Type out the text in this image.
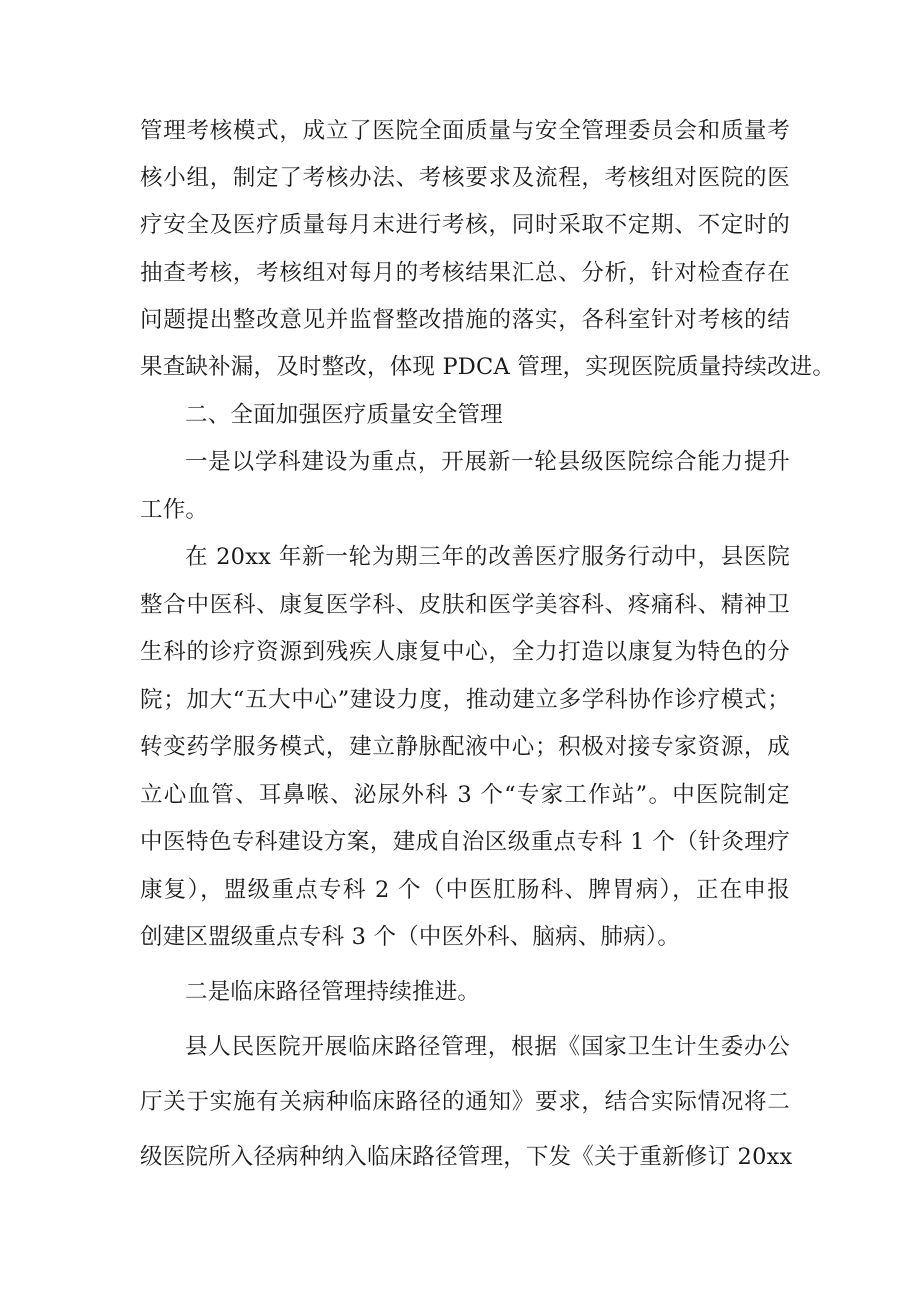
管理考核模式，成立了医院全面质量与安全管理委员会和质量考
核小组，制定了考核办法、考核要求及流程，考核组对医院的医
疗安全及医疗质量每月末进行考核，同时采取不定期、不定时的
抽查考核，考核组对每月的考核结果汇总、分析，针对检查存在
问题提出整改意见并监督整改措施的落实，各科室针对考核的结
果查缺补漏，及时整改，体现 PDCA 管理，实现医院质量持续改进。
二、全面加强医疗质量安全管理
一是以学科建设为重点，开展新一轮县级医院综合能力提升
工作。
在 20xx 年新一轮为期三年的改善医疗服务行动中，县医院
整合中医科、康复医学科、皮肤和医学美容科、疼痛科、精神卫
生科的诊疗资源到残疾人康复中心，全力打造以康复为特色的分
院；加大“五大中心”建设力度，推动建立多学科协作诊疗模式；
转变药学服务模式，建立静脉配液中心；积极对接专家资源，成
立心血管、耳鼻喉、泌尿外科 3 个“专家工作站”。中医院制定
中医特色专科建设方案，建成自治区级重点专科 1 个（针灸理疗
康复），盟级重点专科 2 个（中医肛肠科、脾胃病），正在申报
创建区盟级重点专科 3 个（中医外科、脑病、肺病）。
二是临床路径管理持续推进。
县人民医院开展临床路径管理，根据《国家卫生计生委办公
厅关于实施有关病种临床路径的通知》要求，结合实际情况将二
级医院所入径病种纳入临床路径管理，下发《关于重新修订 20xx
